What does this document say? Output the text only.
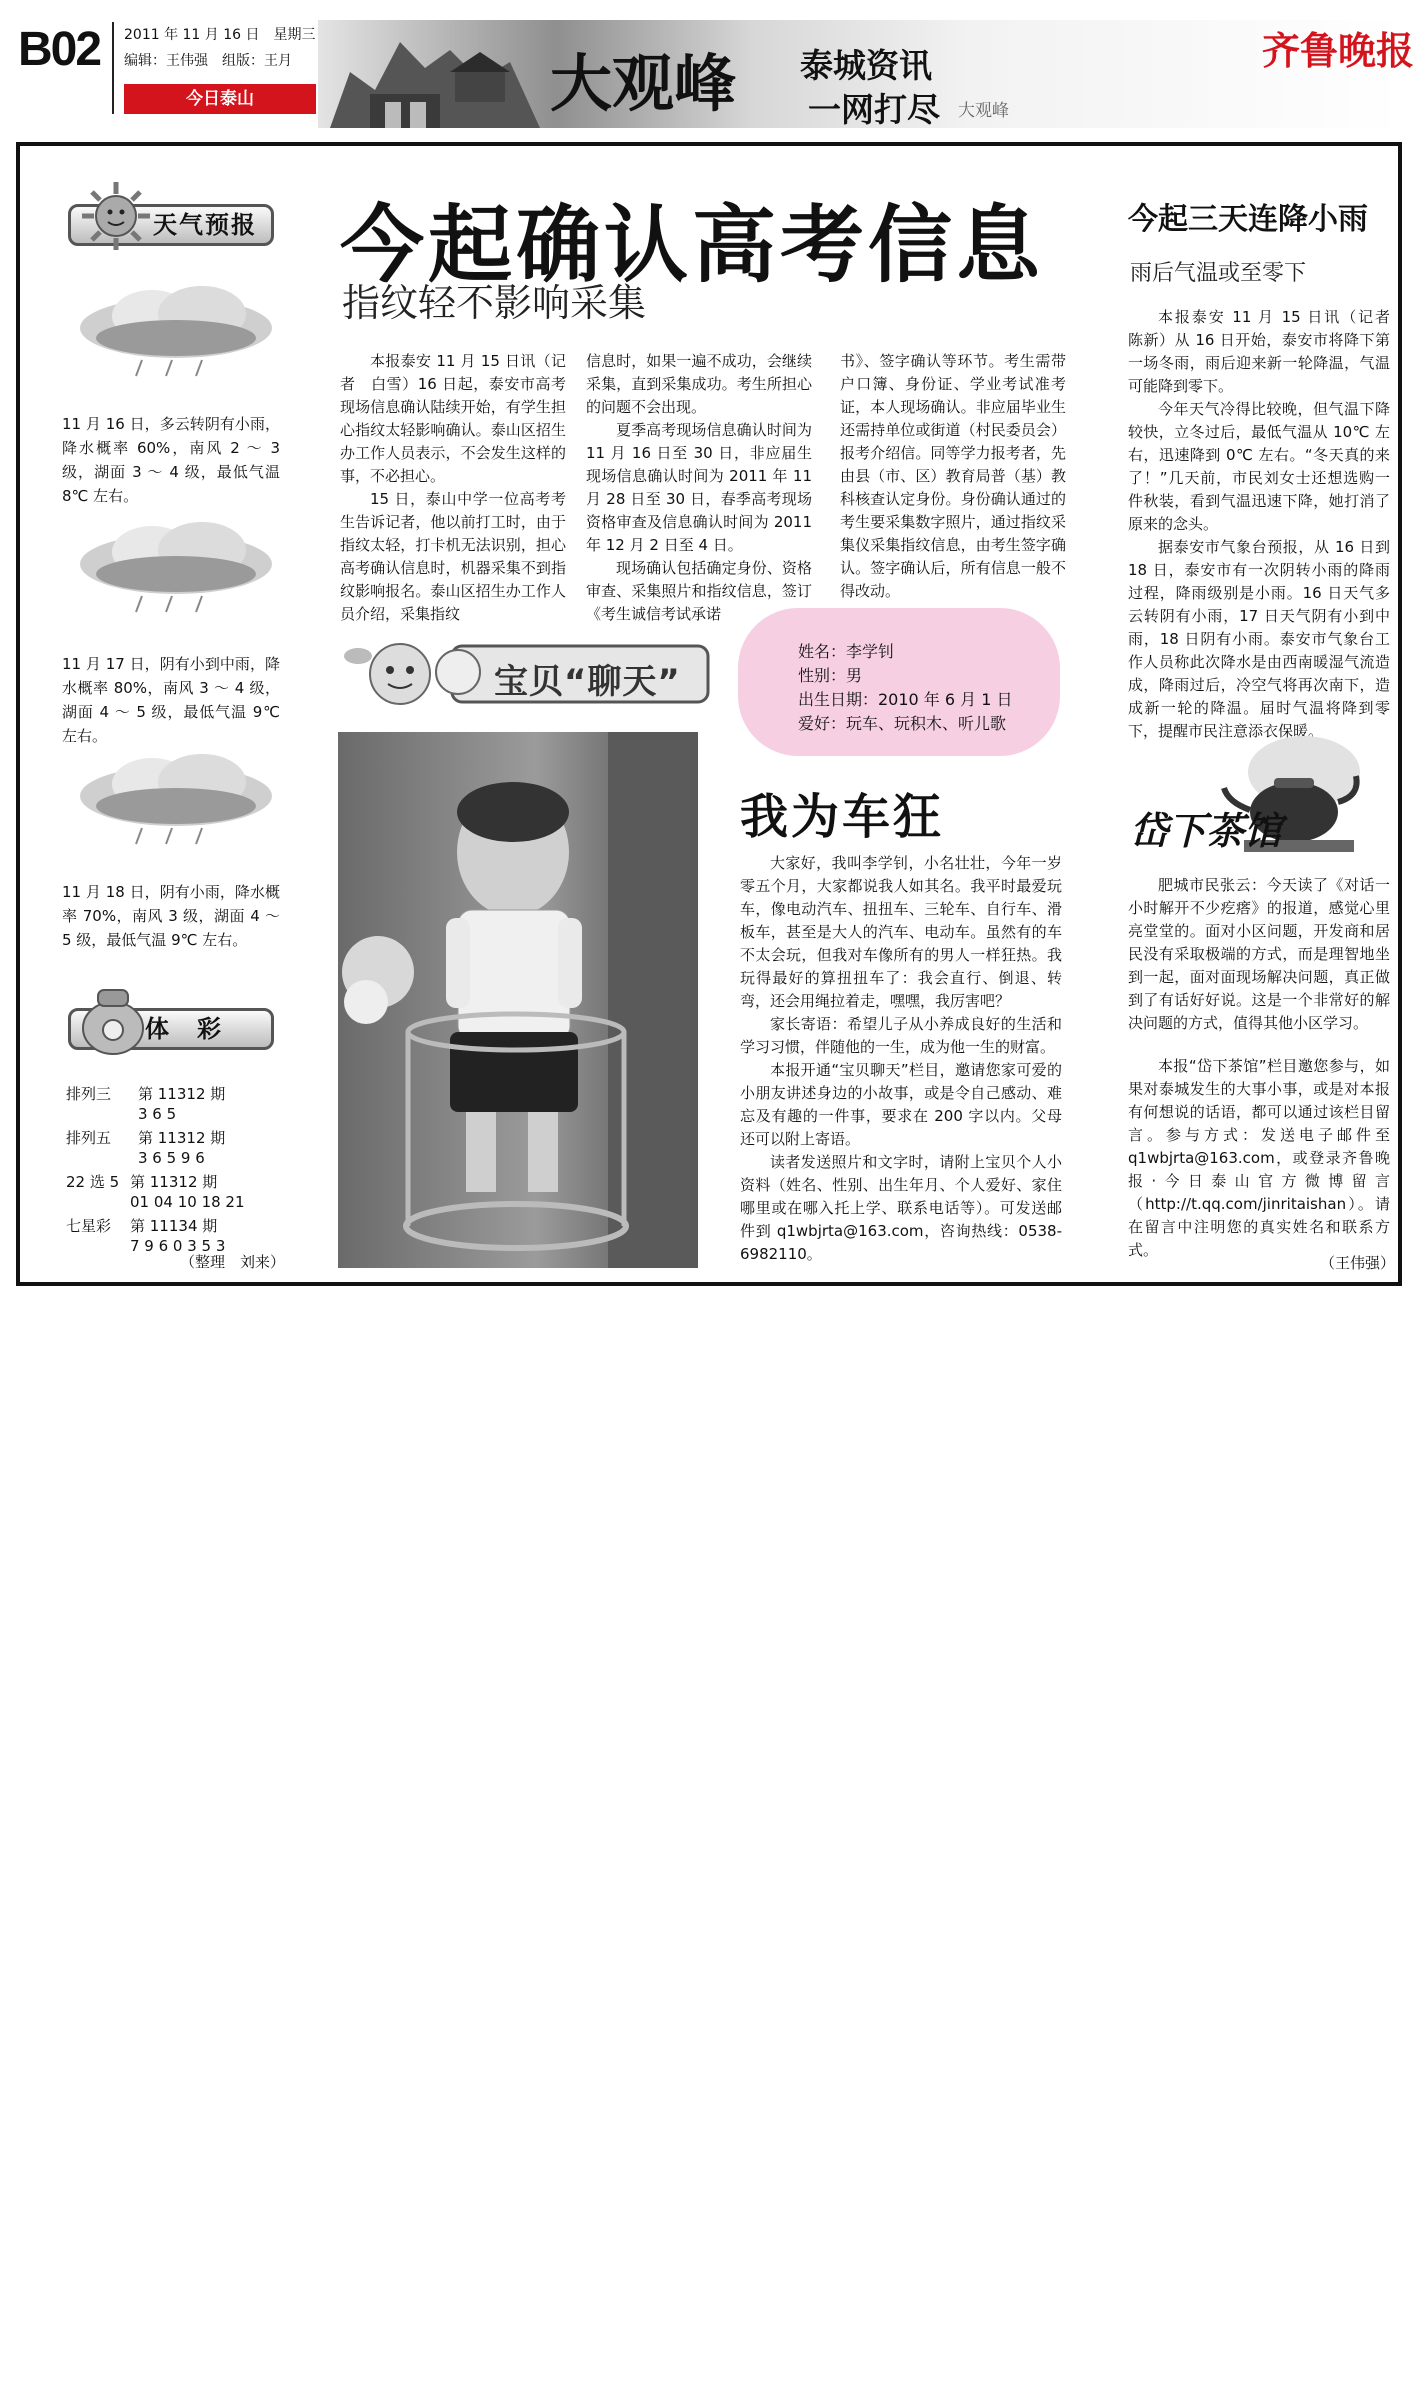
B02 2011 年 11 月 16 日　星期三
编辑：王伟强　组版：王月
今日泰山	大观峰 泰城资讯
一网打尽 大观峰
齐鲁晚报
天气预报
11 月 16 日，多云转阴有小雨，降水概率 60%，南风 2 ～ 3 级，湖面 3 ～ 4 级，最低气温 8℃ 左右。
11 月 17 日，阴有小到中雨，降水概率 80%，南风 3 ～ 4 级，湖面 4 ～ 5 级，最低气温 9℃ 左右。
11 月 18 日，阴有小雨，降水概率 70%，南风 3 级，湖面 4 ～ 5 级，最低气温 9℃ 左右。
体　彩
排列三 第 11312 期
3 6 5
排列五 第 11312 期
3 6 5 9 6
22 选 5 第 11312 期
01 04 10 18 21
七星彩 第 11134 期
7 9 6 0 3 5 3
（整理　刘来）
今起确认高考信息
指纹轻不影响采集

本报泰安 11 月 15 日讯（记者　白雪）16 日起，泰安市高考现场信息确认陆续开始，有学生担心指纹太轻影响确认。泰山区招生办工作人员表示，不会发生这样的事，不必担心。

15 日，泰山中学一位高考考生告诉记者，他以前打工时，由于指纹太轻，打卡机无法识别，担心高考确认信息时，机器采集不到指纹影响报名。泰山区招生办工作人员介绍，采集指纹

信息时，如果一遍不成功，会继续采集，直到采集成功。考生所担心的问题不会出现。

夏季高考现场信息确认时间为 11 月 16 日至 30 日，非应届生现场信息确认时间为 2011 年 11 月 28 日至 30 日，春季高考现场资格审查及信息确认时间为 2011 年 12 月 2 日至 4 日。

现场确认包括确定身份、资格审查、采集照片和指纹信息，签订《考生诚信考试承诺

书》、签字确认等环节。考生需带户口簿、身份证、学业考试准考证，本人现场确认。非应届毕业生还需持单位或街道（村民委员会）报考介绍信。同等学力报考者，先由县（市、区）教育局普（基）教科核查认定身份。身份确认通过的考生要采集数字照片，通过指纹采集仪采集指纹信息，由考生签字确认。签字确认后，所有信息一般不得改动。

宝贝“聊天”
姓名：李学钊
性别：男
出生日期：2010 年 6 月 1 日
爱好：玩车、玩积木、听儿歌
我为车狂

大家好，我叫李学钊，小名壮壮，今年一岁零五个月，大家都说我人如其名。我平时最爱玩车，像电动汽车、扭扭车、三轮车、自行车、滑板车，甚至是大人的汽车、电动车。虽然有的车不太会玩，但我对车像所有的男人一样狂热。我玩得最好的算扭扭车了：我会直行、倒退、转弯，还会用绳拉着走，嘿嘿，我厉害吧？

家长寄语：希望儿子从小养成良好的生活和学习习惯，伴随他的一生，成为他一生的财富。

本报开通“宝贝聊天”栏目，邀请您家可爱的小朋友讲述身边的小故事，或是令自己感动、难忘及有趣的一件事，要求在 200 字以内。父母还可以附上寄语。

读者发送照片和文字时，请附上宝贝个人小资料（姓名、性别、出生年月、个人爱好、家住哪里或在哪入托上学、联系电话等）。可发送邮件到 q1wbjrta@163.com，咨询热线：0538-6982110。

今起三天连降小雨
雨后气温或至零下

本报泰安 11 月 15 日讯（记者　陈新）从 16 日开始，泰安市将降下第一场冬雨，雨后迎来新一轮降温，气温可能降到零下。

今年天气冷得比较晚，但气温下降较快，立冬过后，最低气温从 10℃ 左右，迅速降到 0℃ 左右。“冬天真的来了！”几天前，市民刘女士还想选购一件秋装，看到气温迅速下降，她打消了原来的念头。

据泰安市气象台预报，从 16 日到 18 日，泰安市有一次阴转小雨的降雨过程，降雨级别是小雨。16 日天气多云转阴有小雨，17 日天气阴有小到中雨，18 日阴有小雨。泰安市气象台工作人员称此次降水是由西南暖湿气流造成，降雨过后，冷空气将再次南下，造成新一轮的降温。届时气温将降到零下，提醒市民注意添衣保暖。

岱下茶馆

肥城市民张云：今天读了《对话一小时解开不少疙瘩》的报道，感觉心里亮堂堂的。面对小区问题，开发商和居民没有采取极端的方式，而是理智地坐到一起，面对面现场解决问题，真正做到了有话好好说。这是一个非常好的解决问题的方式，值得其他小区学习。

本报“岱下茶馆”栏目邀您参与，如果对泰城发生的大事小事，或是对本报有何想说的话语，都可以通过该栏目留言。参与方式：发送电子邮件至 q1wbjrta@163.com，或登录齐鲁晚报·今日泰山官方微博留言（http://t.qq.com/jinritaishan）。请在留言中注明您的真实姓名和联系方式。

（王伟强）
